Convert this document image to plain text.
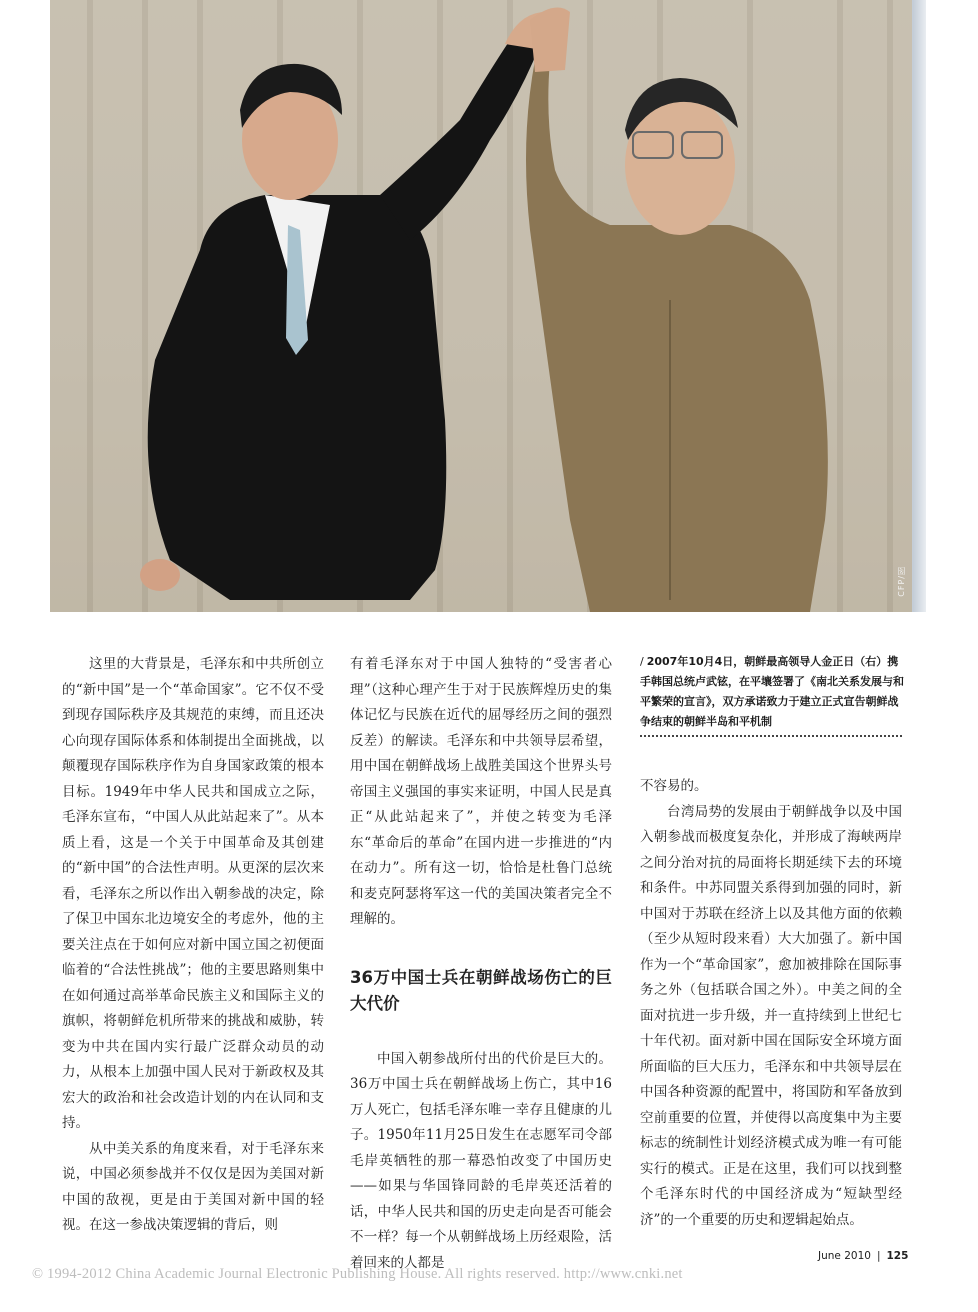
CFP/图

这里的大背景是，毛泽东和中共所创立的“新中国”是一个“革命国家”。它不仅不受到现存国际秩序及其规范的束缚，而且还决心向现存国际体系和体制提出全面挑战，以颠覆现存国际秩序作为自身国家政策的根本目标。1949年中华人民共和国成立之际，毛泽东宣布，“中国人从此站起来了”。从本质上看，这是一个关于中国革命及其创建的“新中国”的合法性声明。从更深的层次来看，毛泽东之所以作出入朝参战的决定，除了保卫中国东北边境安全的考虑外，他的主要关注点在于如何应对新中国立国之初便面临着的“合法性挑战”；他的主要思路则集中在如何通过高举革命民族主义和国际主义的旗帜，将朝鲜危机所带来的挑战和威胁，转变为中共在国内实行最广泛群众动员的动力，从根本上加强中国人民对于新政权及其宏大的政治和社会改造计划的内在认同和支持。

从中美关系的角度来看，对于毛泽东来说，中国必须参战并不仅仅是因为美国对新中国的敌视，更是由于美国对新中国的轻视。在这一参战决策逻辑的背后，则

有着毛泽东对于中国人独特的“受害者心理”（这种心理产生于对于民族辉煌历史的集体记忆与民族在近代的屈辱经历之间的强烈反差）的解读。毛泽东和中共领导层希望，用中国在朝鲜战场上战胜美国这个世界头号帝国主义强国的事实来证明，中国人民是真正“从此站起来了”，并使之转变为毛泽东“革命后的革命”在国内进一步推进的“内在动力”。所有这一切，恰恰是杜鲁门总统和麦克阿瑟将军这一代的美国决策者完全不理解的。

36万中国士兵在朝鲜战场伤亡的巨大代价

中国入朝参战所付出的代价是巨大的。36万中国士兵在朝鲜战场上伤亡，其中16万人死亡，包括毛泽东唯一幸存且健康的儿子。1950年11月25日发生在志愿军司令部毛岸英牺牲的那一幕恐怕改变了中国历史——如果与华国锋同龄的毛岸英还活着的话，中华人民共和国的历史走向是否可能会不一样？每一个从朝鲜战场上历经艰险，活着回来的人都是

/ 2007年10月4日，朝鲜最高领导人金正日（右）携手韩国总统卢武铉，在平壤签署了《南北关系发展与和平繁荣的宣言》，双方承诺致力于建立正式宣告朝鲜战争结束的朝鲜半岛和平机制

不容易的。

台湾局势的发展由于朝鲜战争以及中国入朝参战而极度复杂化，并形成了海峡两岸之间分治对抗的局面将长期延续下去的环境和条件。中苏同盟关系得到加强的同时，新中国对于苏联在经济上以及其他方面的依赖（至少从短时段来看）大大加强了。新中国作为一个“革命国家”，愈加被排除在国际事务之外（包括联合国之外）。中美之间的全面对抗进一步升级，并一直持续到上世纪七十年代初。面对新中国在国际安全环境方面所面临的巨大压力，毛泽东和中共领导层在中国各种资源的配置中，将国防和军备放到空前重要的位置，并使得以高度集中为主要标志的统制性计划经济模式成为唯一有可能实行的模式。正是在这里，我们可以找到整个毛泽东时代的中国经济成为“短缺型经济”的一个重要的历史和逻辑起始点。

June 2010 | 125
© 1994-2012 China Academic Journal Electronic Publishing House. All rights reserved. http://www.cnki.net
